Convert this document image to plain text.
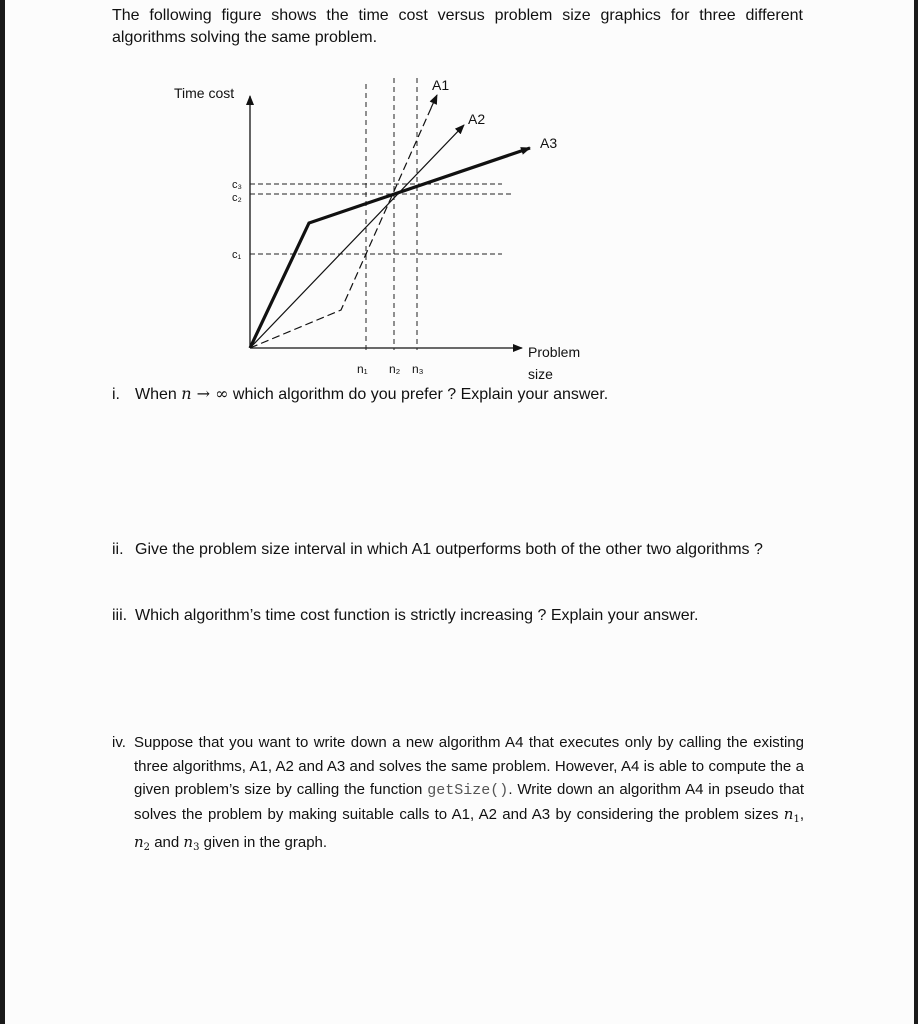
The following figure shows the time cost versus problem size graphics for three different algorithms solving the same problem.
Time cost
Problem
size
A1
A2
A3
c₃
c₂
c₁
n₁ n₂ n₃
i. When n → ∞ which algorithm do you prefer ? Explain your answer.
ii. Give the problem size interval in which A1 outperforms both of the other two algorithms ?
iii. Which algorithm’s time cost function is strictly increasing ? Explain your answer.
iv. Suppose that you want to write down a new algorithm A4 that executes only by calling the existing three algorithms, A1, A2 and A3 and solves the same problem. However, A4 is able to compute the a given problem’s size by calling the function getSize(). Write down an algorithm A4 in pseudo that solves the problem by making suitable calls to A1, A2 and A3 by considering the problem sizes $n_1$, $n_2$ and $n_3$ given in the graph.
